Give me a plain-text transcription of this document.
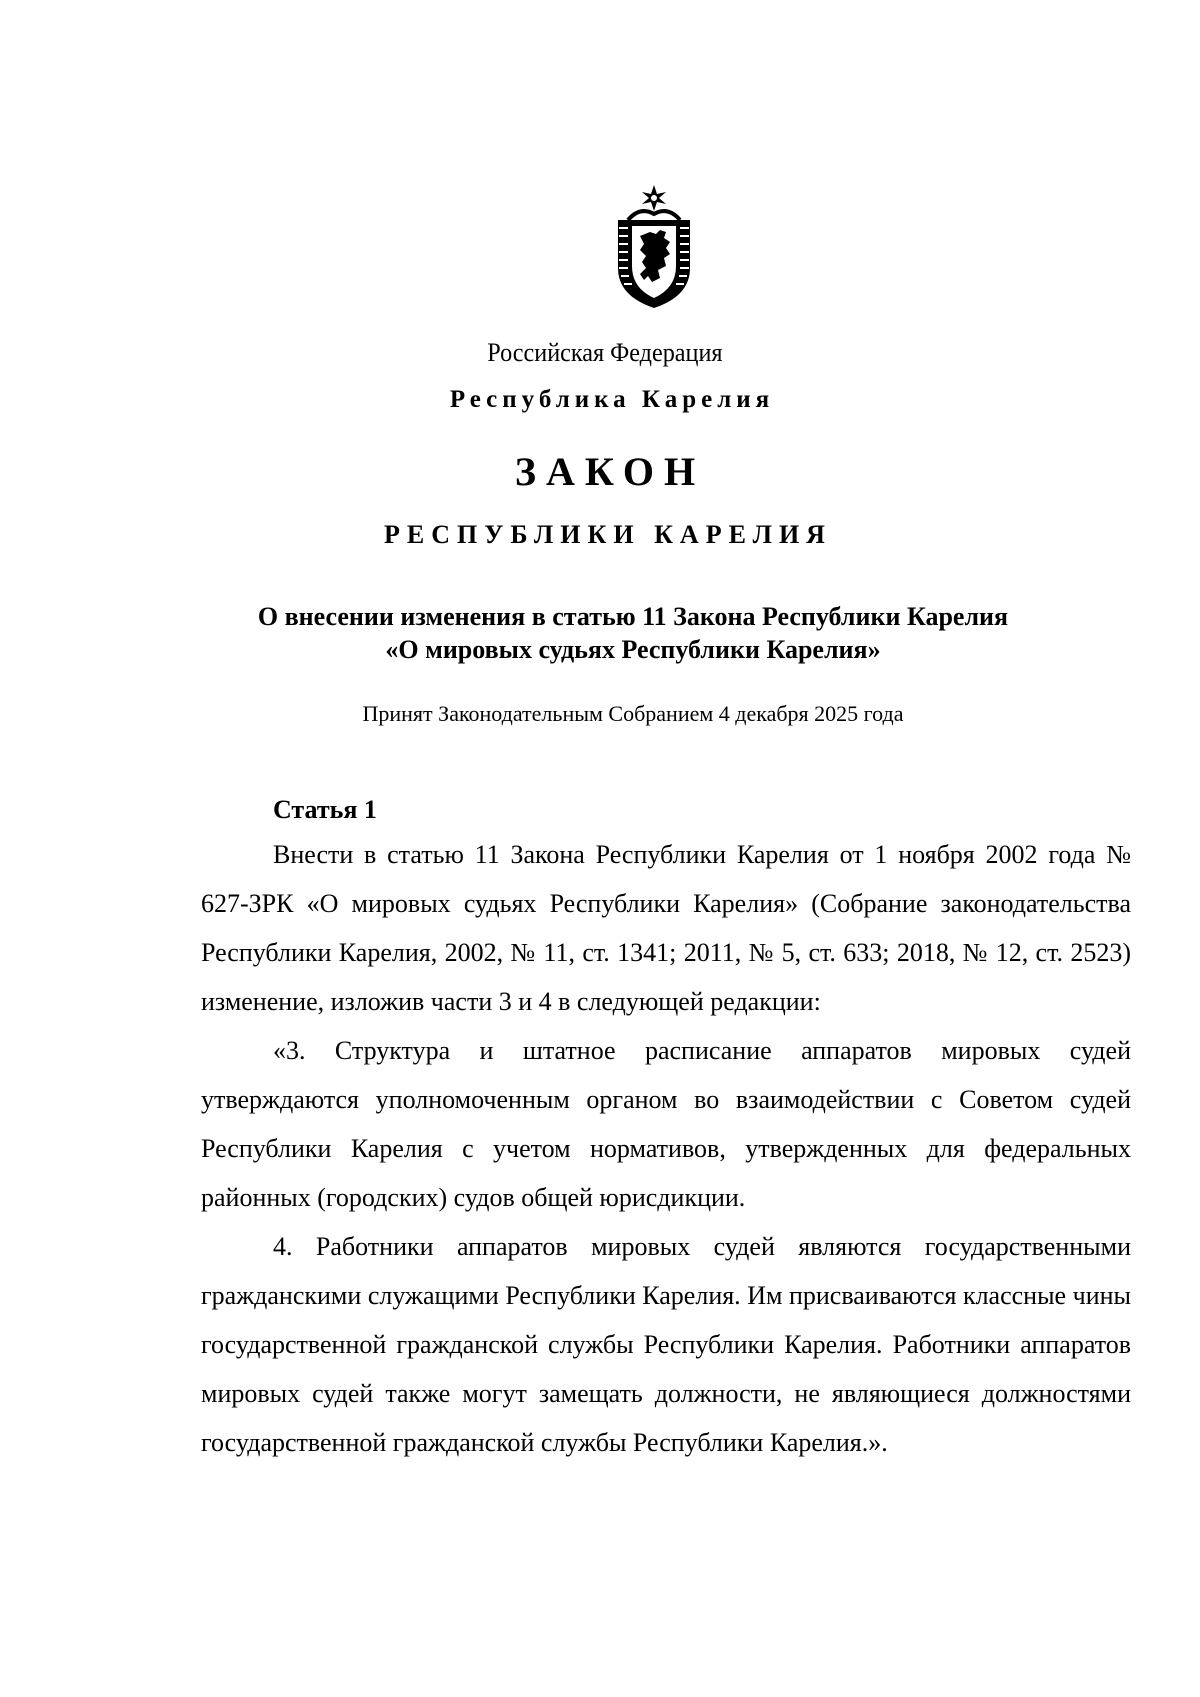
Российская Федерация
Республика Карелия
ЗАКОН
РЕСПУБЛИКИ КАРЕЛИЯ
О внесении изменения в статью 11 Закона Республики Карелия
«О мировых судьях Республики Карелия»
Принят Законодательным Собранием 4 декабря 2025 года
Статья 1

Внести в статью 11 Закона Республики Карелия от 1 ноября 2002 года № 627-ЗРК «О мировых судьях Республики Карелия» (Собрание законодательства Республики Карелия, 2002, № 11, ст. 1341; 2011, № 5, ст. 633; 2018, № 12, ст. 2523) изменение, изложив части 3 и 4 в следующей редакции:

«3. Структура и штатное расписание аппаратов мировых судей утверждаются уполномоченным органом во взаимодействии с Советом судей Республики Карелия с учетом нормативов, утвержденных для федеральных районных (городских) судов общей юрисдикции.

4. Работники аппаратов мировых судей являются государственными гражданскими служащими Республики Карелия. Им присваиваются классные чины государственной гражданской службы Республики Карелия. Работники аппаратов мировых судей также могут замещать должности, не являющиеся должностями государственной гражданской службы Республики Карелия.».
